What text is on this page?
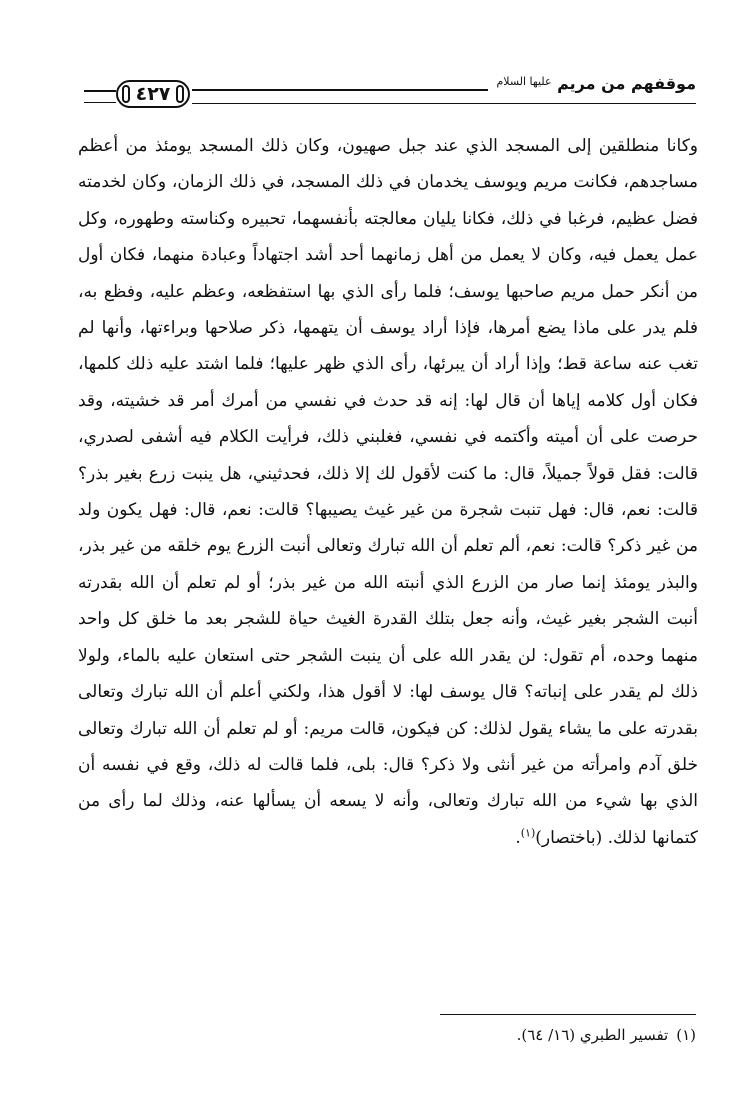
٤٢٧	موقفهم من مريم $^{عليها السلام}$

وكانا منطلقين إلى المسجد الذي عند جبل صهيون، وكان ذلك المسجد يومئذ من أعظم مساجدهم، فكانت مريم ويوسف يخدمان في ذلك المسجد، في ذلك الزمان، وكان لخدمته فضل عظيم، فرغبا في ذلك، فكانا يليان معالجته بأنفسهما، تحبيره وكناسته وطهوره، وكل عمل يعمل فيه، وكان لا يعمل من أهل زمانهما أحد أشد اجتهاداً وعبادة منهما، فكان أول من أنكر حمل مريم صاحبها يوسف؛ فلما رأى الذي بها استفظعه، وعظم عليه، وفظع به، فلم يدر على ماذا يضع أمرها، فإذا أراد يوسف أن يتهمها، ذكر صلاحها وبراءتها، وأنها لم تغب عنه ساعة قط؛ وإذا أراد أن يبرئها، رأى الذي ظهر عليها؛ فلما اشتد عليه ذلك كلمها، فكان أول كلامه إياها أن قال لها: إنه قد حدث في نفسي من أمرك أمر قد خشيته، وقد حرصت على أن أميته وأكتمه في نفسي، فغلبني ذلك، فرأيت الكلام فيه أشفى لصدري، قالت: فقل قولاً جميلاً، قال: ما كنت لأقول لك إلا ذلك، فحدثيني، هل ينبت زرع بغير بذر؟ قالت: نعم، قال: فهل تنبت شجرة من غير غيث يصيبها؟ قالت: نعم، قال: فهل يكون ولد من غير ذكر؟ قالت: نعم، ألم تعلم أن الله تبارك وتعالى أنبت الزرع يوم خلقه من غير بذر، والبذر يومئذ إنما صار من الزرع الذي أنبته الله من غير بذر؛ أو لم تعلم أن الله بقدرته أنبت الشجر بغير غيث، وأنه جعل بتلك القدرة الغيث حياة للشجر بعد ما خلق كل واحد منهما وحده، أم تقول: لن يقدر الله على أن ينبت الشجر حتى استعان عليه بالماء، ولولا ذلك لم يقدر على إنباته؟ قال يوسف لها: لا أقول هذا، ولكني أعلم أن الله تبارك وتعالى بقدرته على ما يشاء يقول لذلك: كن فيكون، قالت مريم: أو لم تعلم أن الله تبارك وتعالى خلق آدم وامرأته من غير أنثى ولا ذكر؟ قال: بلى، فلما قالت له ذلك، وقع في نفسه أن الذي بها شيء من الله تبارك وتعالى، وأنه لا يسعه أن يسألها عنه، وذلك لما رأى من كتمانها لذلك. (باختصار)$^{(١)}$.

(١)تفسير الطبري (١٦/ ٦٤).
